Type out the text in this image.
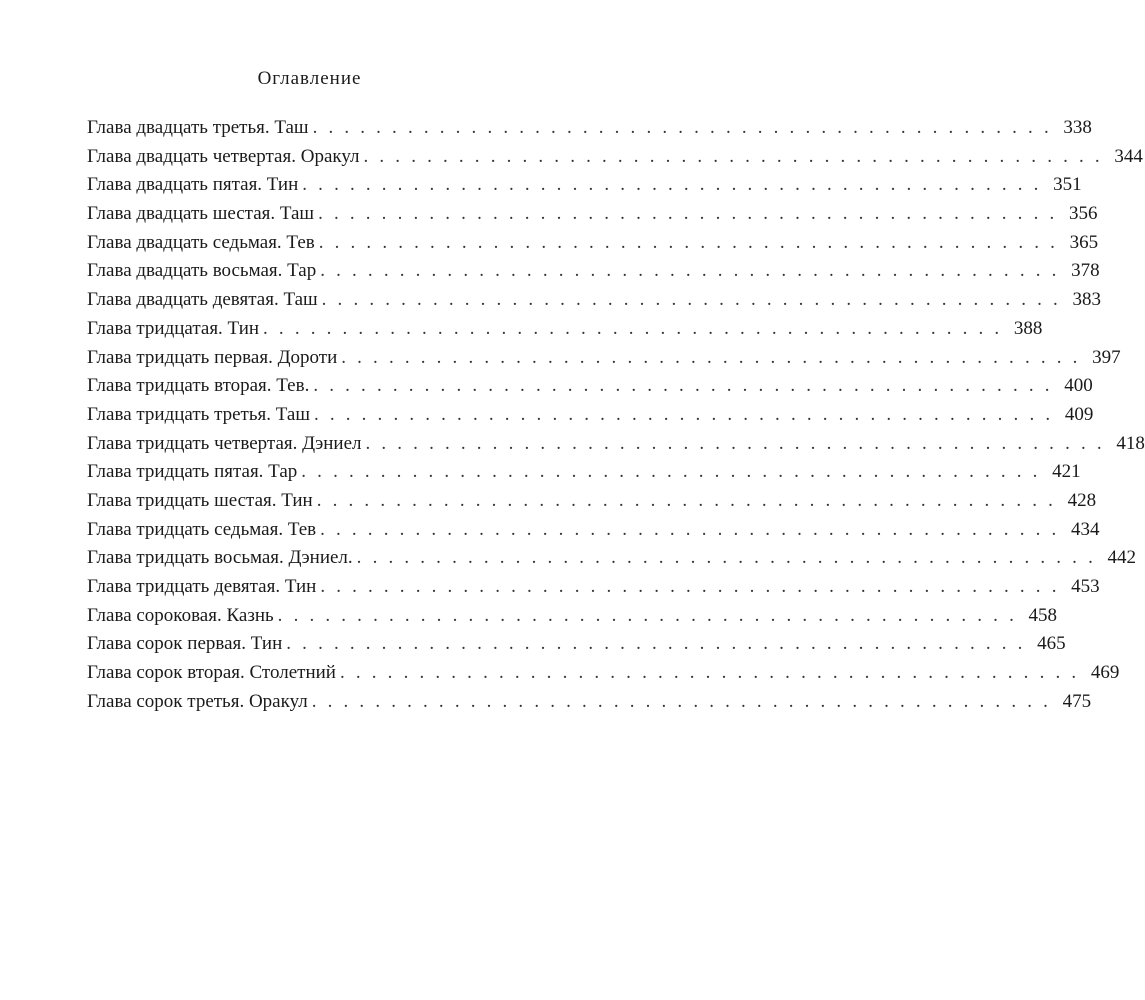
Оглавление
Глава двадцать третья. Таш . . . . . . . . . . . . . . . . . . . . . . . . . . . . . . . . . . . . . . . . . . . . . . . 338
Глава двадцать четвертая. Оракул . . . . . . . . . . . . . . . . . . . . . . . . . . . . . . . . . . . . . . . . . . . . . . . 344
Глава двадцать пятая. Тин . . . . . . . . . . . . . . . . . . . . . . . . . . . . . . . . . . . . . . . . . . . . . . . 351
Глава двадцать шестая. Таш . . . . . . . . . . . . . . . . . . . . . . . . . . . . . . . . . . . . . . . . . . . . . . . 356
Глава двадцать седьмая. Тев . . . . . . . . . . . . . . . . . . . . . . . . . . . . . . . . . . . . . . . . . . . . . . . 365
Глава двадцать восьмая. Тар . . . . . . . . . . . . . . . . . . . . . . . . . . . . . . . . . . . . . . . . . . . . . . . 378
Глава двадцать девятая. Таш . . . . . . . . . . . . . . . . . . . . . . . . . . . . . . . . . . . . . . . . . . . . . . . 383
Глава тридцатая. Тин . . . . . . . . . . . . . . . . . . . . . . . . . . . . . . . . . . . . . . . . . . . . . . . 388
Глава тридцать первая. Дороти . . . . . . . . . . . . . . . . . . . . . . . . . . . . . . . . . . . . . . . . . . . . . . . 397
Глава тридцать вторая. Тев. . . . . . . . . . . . . . . . . . . . . . . . . . . . . . . . . . . . . . . . . . . . . . . . 400
Глава тридцать третья. Таш . . . . . . . . . . . . . . . . . . . . . . . . . . . . . . . . . . . . . . . . . . . . . . . 409
Глава тридцать четвертая. Дэниел . . . . . . . . . . . . . . . . . . . . . . . . . . . . . . . . . . . . . . . . . . . . . . . 418
Глава тридцать пятая. Тар . . . . . . . . . . . . . . . . . . . . . . . . . . . . . . . . . . . . . . . . . . . . . . . 421
Глава тридцать шестая. Тин . . . . . . . . . . . . . . . . . . . . . . . . . . . . . . . . . . . . . . . . . . . . . . . 428
Глава тридцать седьмая. Тев . . . . . . . . . . . . . . . . . . . . . . . . . . . . . . . . . . . . . . . . . . . . . . . 434
Глава тридцать восьмая. Дэниел. . . . . . . . . . . . . . . . . . . . . . . . . . . . . . . . . . . . . . . . . . . . . . . . 442
Глава тридцать девятая. Тин . . . . . . . . . . . . . . . . . . . . . . . . . . . . . . . . . . . . . . . . . . . . . . . 453
Глава сороковая. Казнь . . . . . . . . . . . . . . . . . . . . . . . . . . . . . . . . . . . . . . . . . . . . . . . 458
Глава сорок первая. Тин . . . . . . . . . . . . . . . . . . . . . . . . . . . . . . . . . . . . . . . . . . . . . . . 465
Глава сорок вторая. Столетний . . . . . . . . . . . . . . . . . . . . . . . . . . . . . . . . . . . . . . . . . . . . . . . 469
Глава сорок третья. Оракул . . . . . . . . . . . . . . . . . . . . . . . . . . . . . . . . . . . . . . . . . . . . . . . 475
